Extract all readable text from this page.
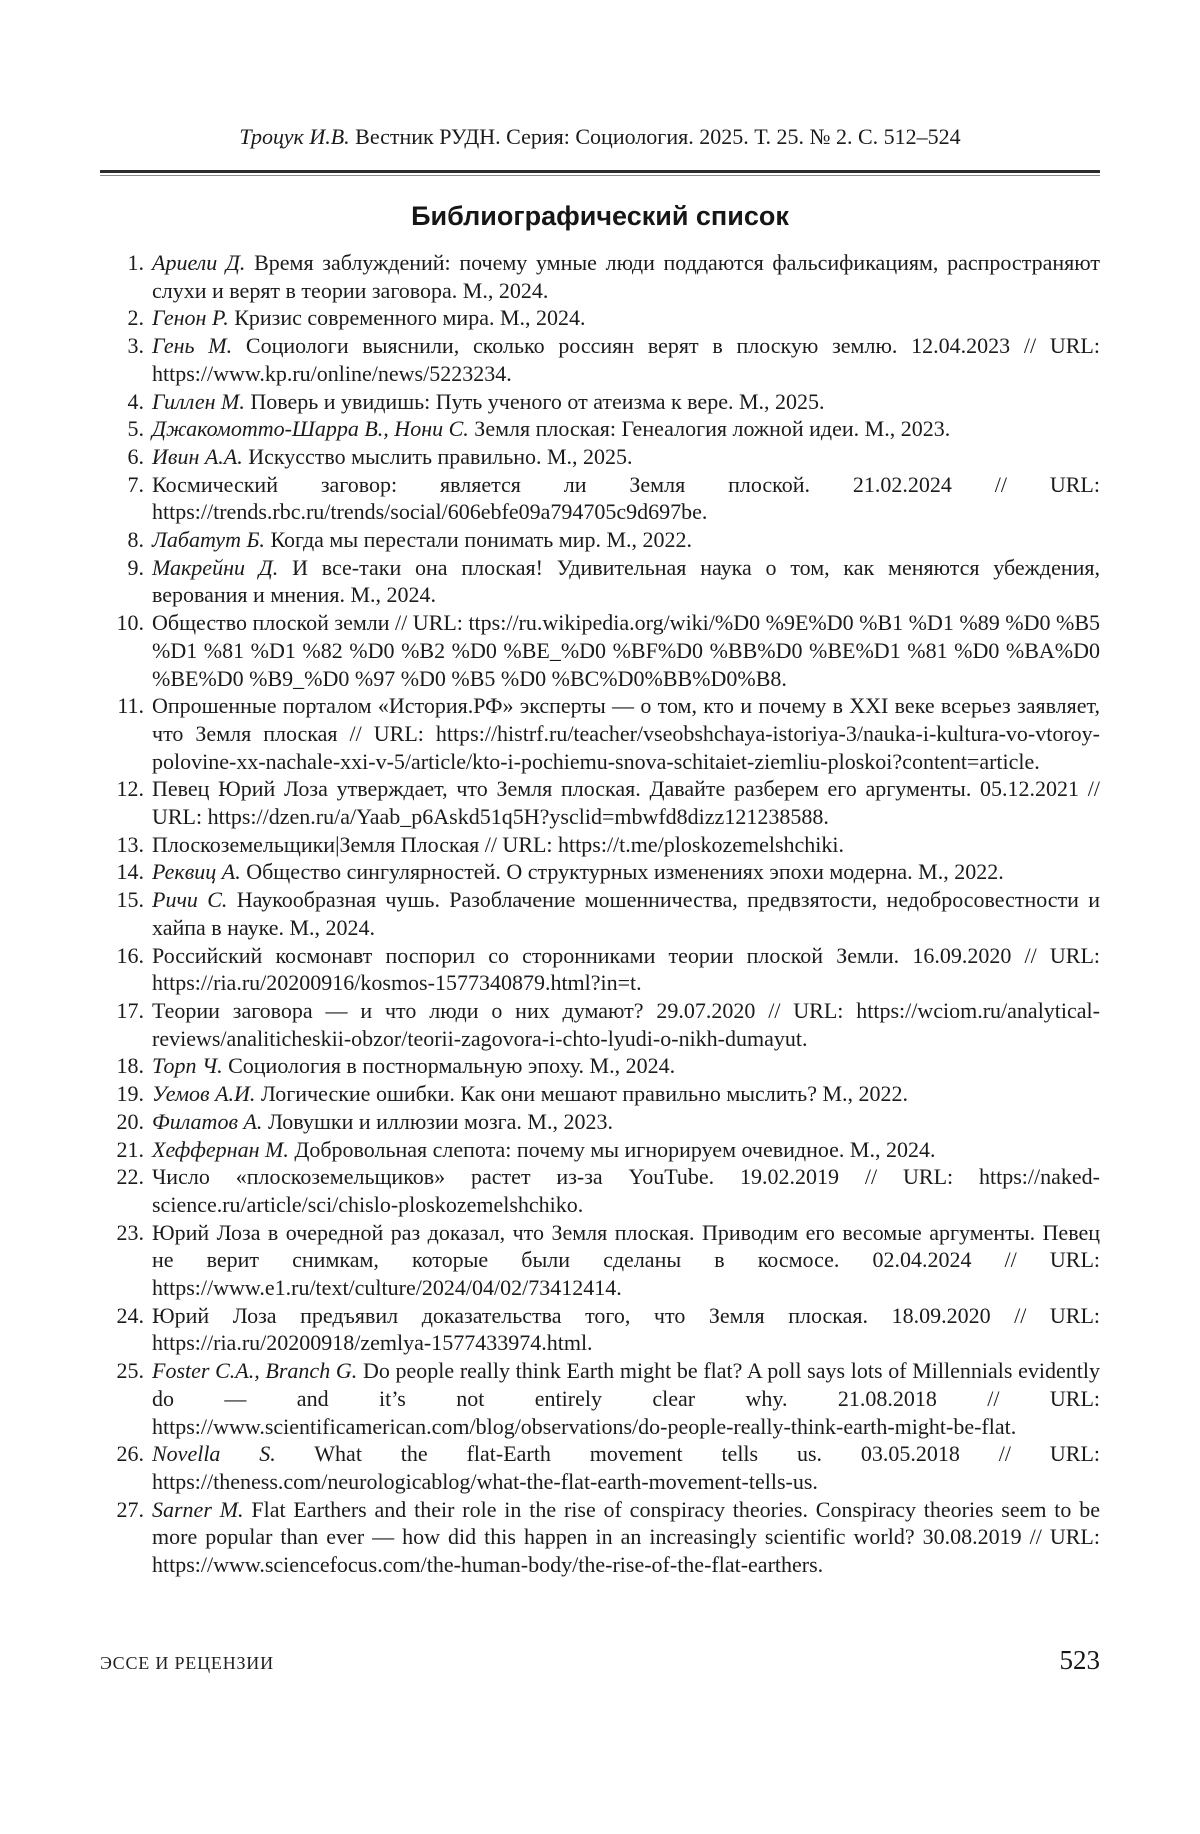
Троцук И.В. Вестник РУДН. Серия: Социология. 2025. Т. 25. № 2. С. 512–524
Библиографический список
1. Ариели Д. Время заблуждений: почему умные люди поддаются фальсификациям, распространяют слухи и верят в теории заговора. М., 2024.
2. Генон Р. Кризис современного мира. М., 2024.
3. Гень М. Социологи выяснили, сколько россиян верят в плоскую землю. 12.04.2023 // URL: https://www.kp.ru/online/news/5223234.
4. Гиллен М. Поверь и увидишь: Путь ученого от атеизма к вере. М., 2025.
5. Джакомотто-Шарра В., Нони С. Земля плоская: Генеалогия ложной идеи. М., 2023.
6. Ивин А.А. Искусство мыслить правильно. М., 2025.
7. Космический заговор: является ли Земля плоской. 21.02.2024 // URL: https://trends.rbc.ru/trends/social/606ebfe09a794705c9d697be.
8. Лабатут Б. Когда мы перестали понимать мир. М., 2022.
9. Макрейни Д. И все-таки она плоская! Удивительная наука о том, как меняются убеждения, верования и мнения. М., 2024.
10. Общество плоской земли // URL: ttps://ru.wikipedia.org/wiki/%D0 %9E%D0 %B1 %D1 %89 %D0 %B5 %D1 %81 %D1 %82 %D0 %B2 %D0 %BE_%D0 %BF%D0 %BB%D0 %BE%D1 %81 %D0 %BA%D0 %BE%D0 %B9_%D0 %97 %D0 %B5 %D0 %BC%D0%BB%D0%B8.
11. Опрошенные порталом «История.РФ» эксперты — о том, кто и почему в XXI веке всерьез заявляет, что Земля плоская // URL: https://histrf.ru/teacher/vseobshchaya-istoriya-3/nauka-i-kultura-vo-vtoroy-polovine-xx-nachale-xxi-v-5/article/kto-i-pochiemu-snova-schitaiet-ziemliu-ploskoi?content=article.
12. Певец Юрий Лоза утверждает, что Земля плоская. Давайте разберем его аргументы. 05.12.2021 // URL: https://dzen.ru/a/Yaab_p6Askd51q5H?ysclid=mbwfd8dizz121238588.
13. Плоскоземельщики|Земля Плоская // URL: https://t.me/ploskozemelshchiki.
14. Реквиц А. Общество сингулярностей. О структурных изменениях эпохи модерна. М., 2022.
15. Ричи С. Наукообразная чушь. Разоблачение мошенничества, предвзятости, недобросовестности и хайпа в науке. М., 2024.
16. Российский космонавт поспорил со сторонниками теории плоской Земли. 16.09.2020 // URL: https://ria.ru/20200916/kosmos-1577340879.html?in=t.
17. Теории заговора — и что люди о них думают? 29.07.2020 // URL: https://wciom.ru/analytical-reviews/analiticheskii-obzor/teorii-zagovora-i-chto-lyudi-o-nikh-dumayut.
18. Торп Ч. Социология в постнормальную эпоху. М., 2024.
19. Уемов А.И. Логические ошибки. Как они мешают правильно мыслить? М., 2022.
20. Филатов А. Ловушки и иллюзии мозга. М., 2023.
21. Хеффернан М. Добровольная слепота: почему мы игнорируем очевидное. М., 2024.
22. Число «плоскоземельщиков» растет из-за YouTube. 19.02.2019 // URL: https://naked-science.ru/article/sci/chislo-ploskozemelshchiko.
23. Юрий Лоза в очередной раз доказал, что Земля плоская. Приводим его весомые аргументы. Певец не верит снимкам, которые были сделаны в космосе. 02.04.2024 // URL: https://www.e1.ru/text/culture/2024/04/02/73412414.
24. Юрий Лоза предъявил доказательства того, что Земля плоская. 18.09.2020 // URL: https://ria.ru/20200918/zemlya-1577433974.html.
25. Foster C.A., Branch G. Do people really think Earth might be flat? A poll says lots of Millennials evidently do — and it’s not entirely clear why. 21.08.2018 // URL: https://www.scientificamerican.com/blog/observations/do-people-really-think-earth-might-be-flat.
26. Novella S. What the flat-Earth movement tells us. 03.05.2018 // URL: https://theness.com/neurologicablog/what-the-flat-earth-movement-tells-us.
27. Sarner M. Flat Earthers and their role in the rise of conspiracy theories. Conspiracy theories seem to be more popular than ever — how did this happen in an increasingly scientific world? 30.08.2019 // URL: https://www.sciencefocus.com/the-human-body/the-rise-of-the-flat-earthers.
ЭССЕ И РЕЦЕНЗИИ	523
